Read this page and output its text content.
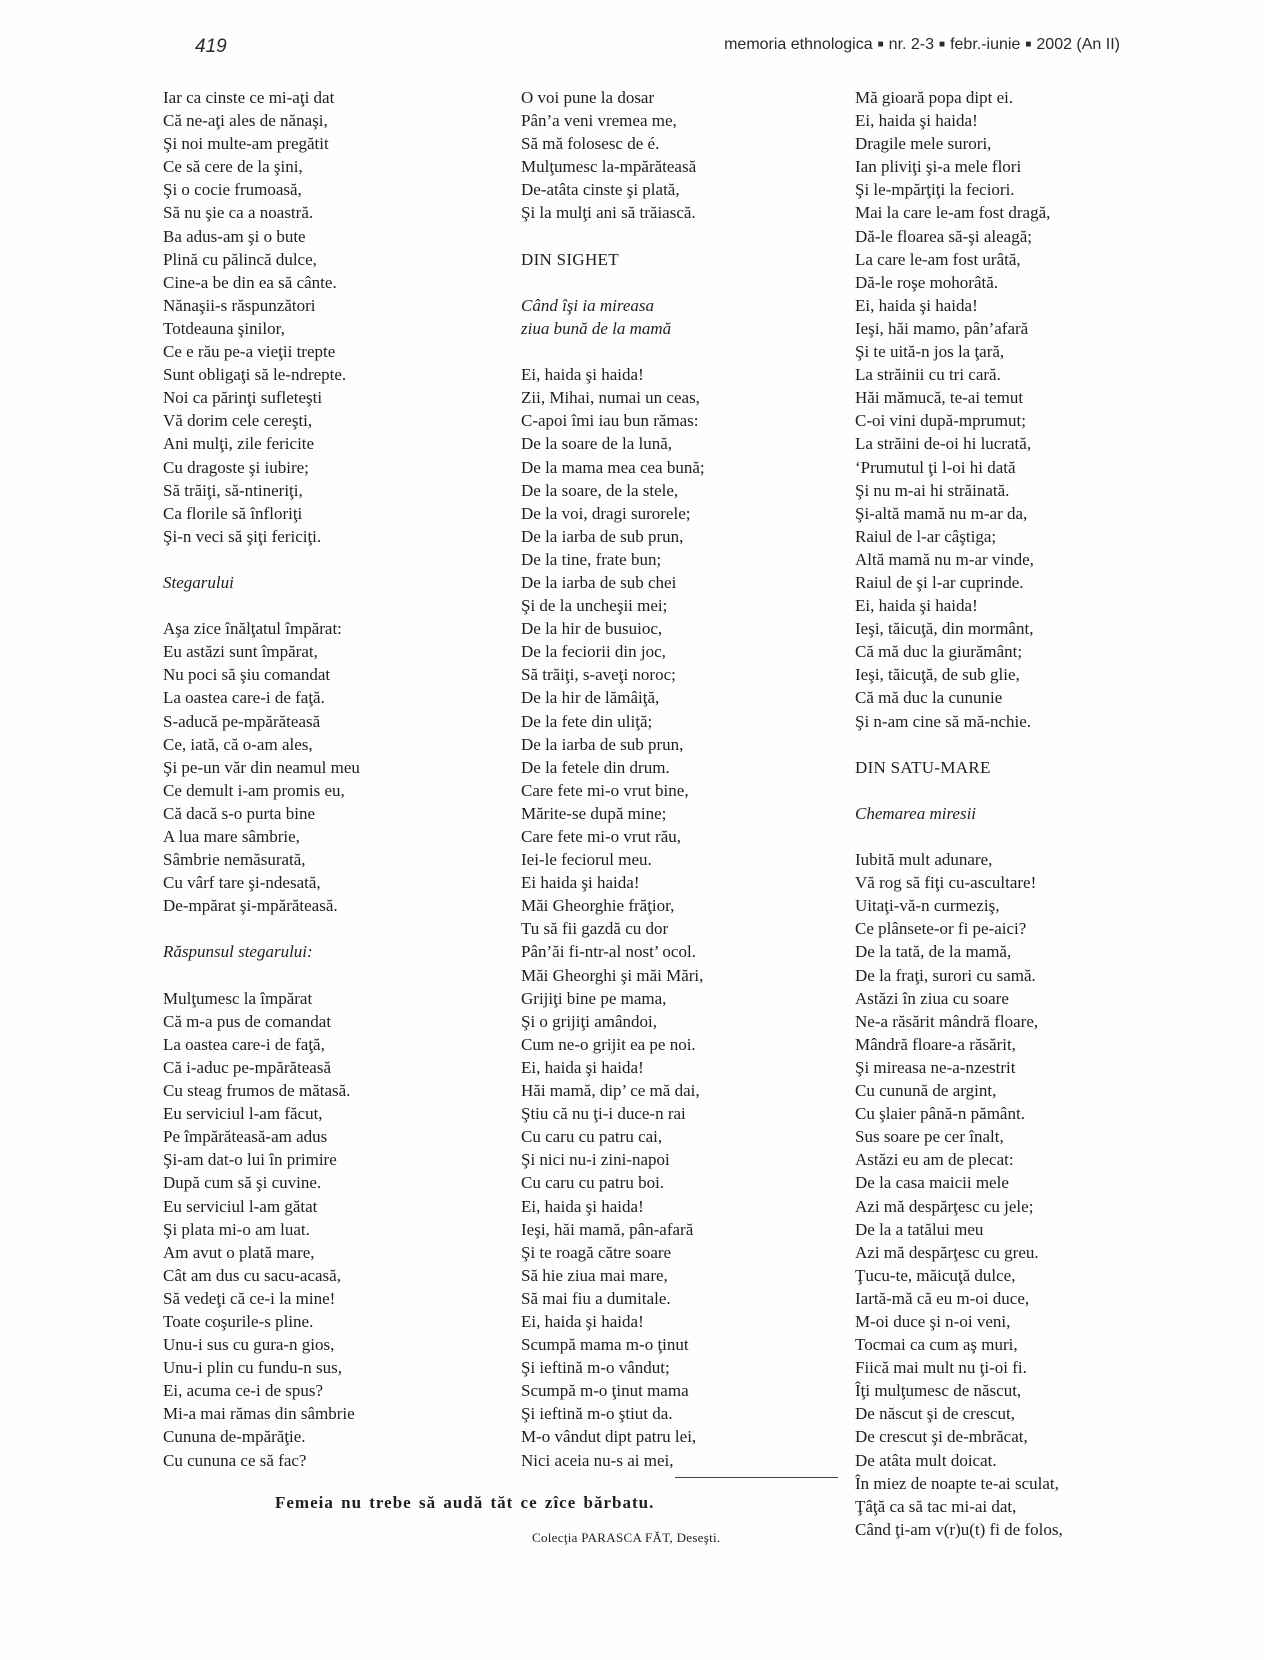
419	memoria ethnologica ■ nr. 2-3 ■ febr.-iunie ■ 2002 (An II)
Iar ca cinste ce mi-aţi dat
Că ne-aţi ales de nănaşi,
Şi noi multe-am pregătit
Ce să cere de la şini,
Şi o cocie frumoasă,
Să nu şie ca a noastră.
Ba adus-am şi o bute
Plină cu pălincă dulce,
Cine-a be din ea să cânte.
Nănaşii-s răspunzători
Totdeauna şinilor,
Ce e rău pe-a vieţii trepte
Sunt obligaţi să le-ndrepte.
Noi ca părinţi sufleteşti
Vă dorim cele cereşti,
Ani mulţi, zile fericite
Cu dragoste şi iubire;
Să trăiţi, să-ntineriţi,
Ca florile să înfloriţi
Şi-n veci să şiţi fericiţi.
Stegarului
Aşa zice înălţatul împărat:
Eu astăzi sunt împărat,
Nu poci să şiu comandat
La oastea care-i de faţă.
S-aducă pe-mpărăteasă
Ce, iată, că o-am ales,
Şi pe-un văr din neamul meu
Ce demult i-am promis eu,
Că dacă s-o purta bine
A lua mare sâmbrie,
Sâmbrie nemăsurată,
Cu vârf tare şi-ndesată,
De-mpărat şi-mpărăteasă.
Răspunsul stegarului:
Mulţumesc la împărat
Că m-a pus de comandat
La oastea care-i de faţă,
Că i-aduc pe-mpărăteasă
Cu steag frumos de mătasă.
Eu serviciul l-am făcut,
Pe împărăteasă-am adus
Şi-am dat-o lui în primire
După cum să şi cuvine.
Eu serviciul l-am gătat
Şi plata mi-o am luat.
Am avut o plată mare,
Cât am dus cu sacu-acasă,
Să vedeţi că ce-i la mine!
Toate coşurile-s pline.
Unu-i sus cu gura-n gios,
Unu-i plin cu fundu-n sus,
Ei, acuma ce-i de spus?
Mi-a mai rămas din sâmbrie
Cununa de-mpărăţie.
Cu cununa ce să fac?
O voi pune la dosar
Pân’a veni vremea me,
Să mă folosesc de é.
Mulţumesc la-mpărăteasă
De-atâta cinste şi plată,
Şi la mulţi ani să trăiască.
DIN SIGHET
Când îşi ia mireasa
ziua bună de la mamă
Ei, haida şi haida!
Zii, Mihai, numai un ceas,
C-apoi îmi iau bun rămas:
De la soare de la lună,
De la mama mea cea bună;
De la soare, de la stele,
De la voi, dragi surorele;
De la iarba de sub prun,
De la tine, frate bun;
De la iarba de sub chei
Şi de la uncheşii mei;
De la hir de busuioc,
De la feciorii din joc,
Să trăiţi, s-aveţi noroc;
De la hir de lămâiţă,
De la fete din uliţă;
De la iarba de sub prun,
De la fetele din drum.
Care fete mi-o vrut bine,
Mărite-se după mine;
Care fete mi-o vrut rău,
Iei-le feciorul meu.
Ei haida şi haida!
Măi Gheorghie frăţior,
Tu să fii gazdă cu dor
Pân’ăi fi-ntr-al nost’ ocol.
Măi Gheorghi şi măi Mări,
Grijiţi bine pe mama,
Şi o grijiţi amândoi,
Cum ne-o grijit ea pe noi.
Ei, haida şi haida!
Hăi mamă, dip’ ce mă dai,
Ştiu că nu ţi-i duce-n rai
Cu caru cu patru cai,
Şi nici nu-i zini-napoi
Cu caru cu patru boi.
Ei, haida şi haida!
Ieşi, hăi mamă, pân-afară
Şi te roagă către soare
Să hie ziua mai mare,
Să mai fiu a dumitale.
Ei, haida şi haida!
Scumpă mama m-o ţinut
Şi ieftină m-o vândut;
Scumpă m-o ţinut mama
Şi ieftină m-o ştiut da.
M-o vândut dipt patru lei,
Nici aceia nu-s ai mei,
Mă gioară popa dipt ei.
Ei, haida şi haida!
Dragile mele surori,
Ian pliviţi şi-a mele flori
Şi le-mpărţiţi la feciori.
Mai la care le-am fost dragă,
Dă-le floarea să-şi aleagă;
La care le-am fost urâtă,
Dă-le roşe mohorâtă.
Ei, haida şi haida!
Ieşi, hăi mamo, pân’afară
Şi te uită-n jos la ţară,
La străinii cu tri cară.
Hăi mămucă, te-ai temut
C-oi vini după-mprumut;
La străini de-oi hi lucrată,
‘Prumutul ţi l-oi hi dată
Şi nu m-ai hi străinată.
Şi-altă mamă nu m-ar da,
Raiul de l-ar câştiga;
Altă mamă nu m-ar vinde,
Raiul de şi l-ar cuprinde.
Ei, haida şi haida!
Ieşi, tăicuţă, din mormânt,
Că mă duc la giurământ;
Ieşi, tăicuţă, de sub glie,
Că mă duc la cununie
Şi n-am cine să mă-nchie.
DIN SATU-MARE
Chemarea miresii
Iubită mult adunare,
Vă rog să fiţi cu-ascultare!
Uitaţi-vă-n curmeziş,
Ce plânsete-or fi pe-aici?
De la tată, de la mamă,
De la fraţi, surori cu samă.
Astăzi în ziua cu soare
Ne-a răsărit mândră floare,
Mândră floare-a răsărit,
Şi mireasa ne-a-nzestrit
Cu cunună de argint,
Cu şlaier până-n pământ.
Sus soare pe cer înalt,
Astăzi eu am de plecat:
De la casa maicii mele
Azi mă despărţesc cu jele;
De la a tatălui meu
Azi mă despărţesc cu greu.
Ţucu-te, măicuţă dulce,
Iartă-mă că eu m-oi duce,
M-oi duce şi n-oi veni,
Tocmai ca cum aş muri,
Fiică mai mult nu ţi-oi fi.
Îţi mulţumesc de născut,
De născut şi de crescut,
De crescut şi de-mbrăcat,
De atâta mult doicat.
În miez de noapte te-ai sculat,
Ţâţă ca să tac mi-ai dat,
Când ţi-am v(r)u(t) fi de folos,
Femeia nu trebe să audă tăt ce zîce bărbatu.
Colecţia PARASCA FĂT, Deseşti.
